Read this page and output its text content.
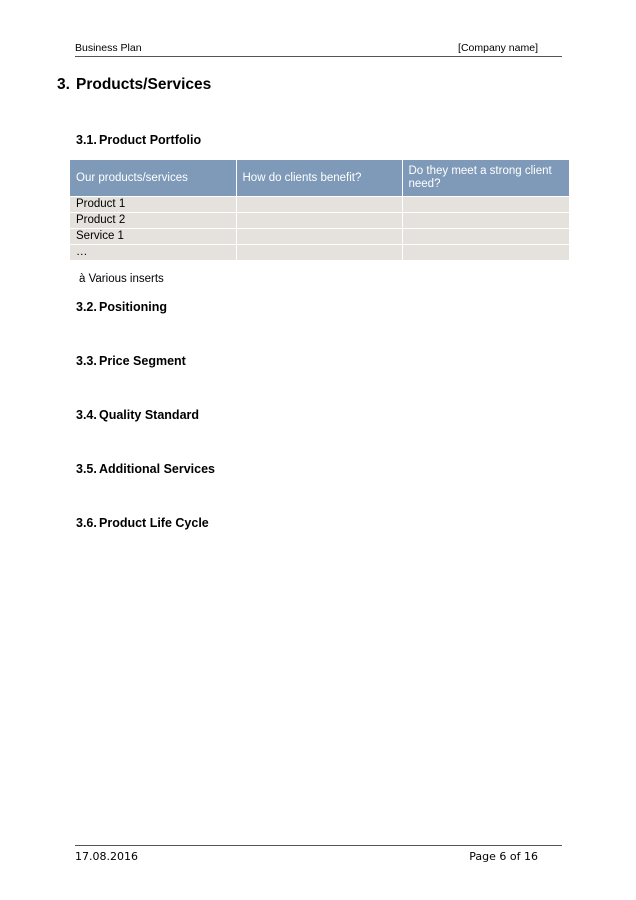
Business Plan	[Company name]
3. Products/Services
3.1. Product Portfolio
Our products/services	How do clients benefit?	Do they meet a strong client need?
Product 1		
Product 2		
Service 1		
…		
à Various inserts
3.2. Positioning
3.3. Price Segment
3.4. Quality Standard
3.5. Additional Services
3.6. Product Life Cycle
17.08.2016	Page 6 of 16
